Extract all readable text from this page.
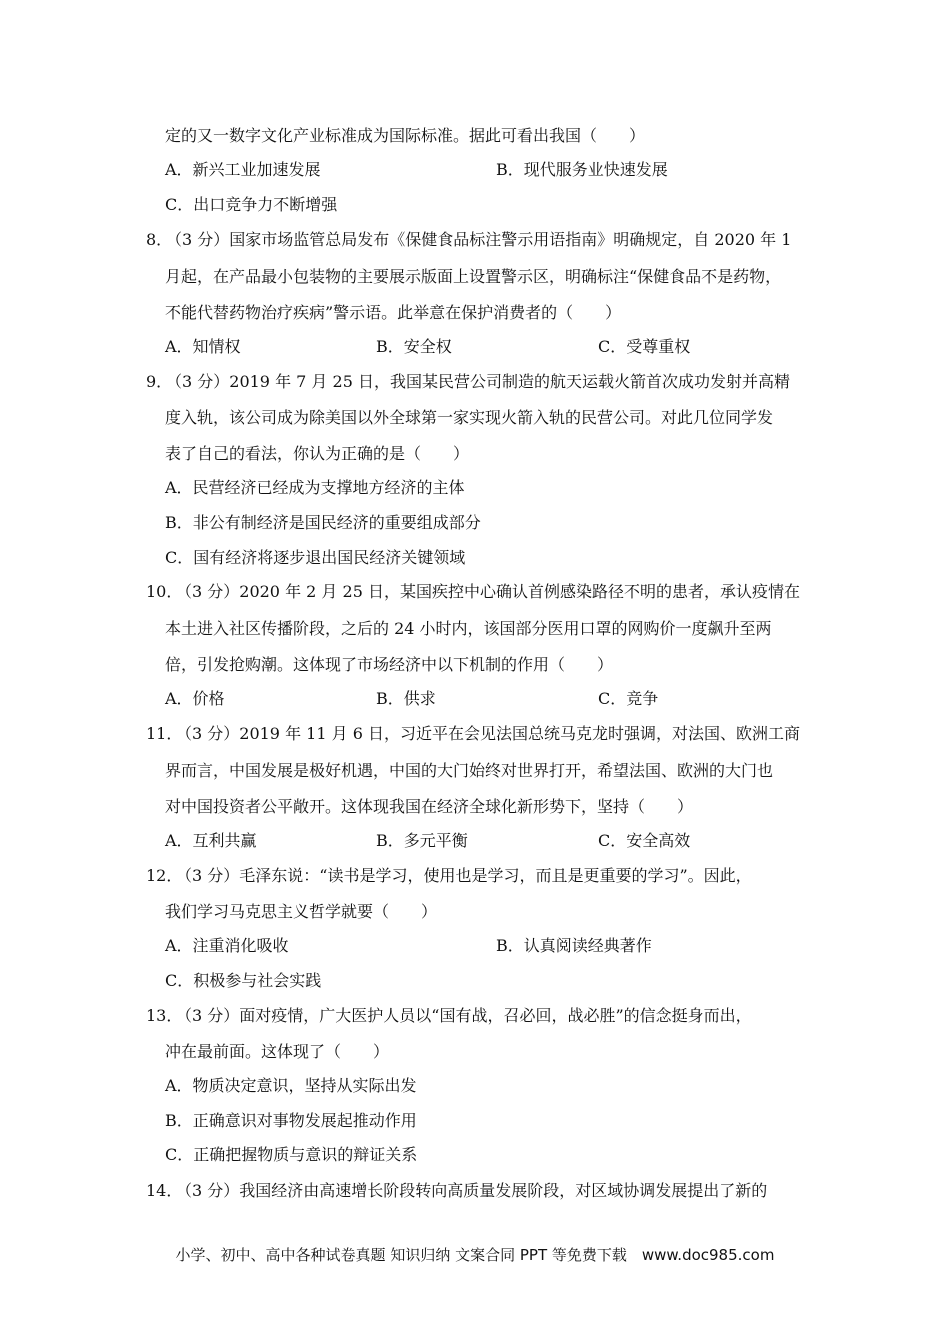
定的又一数字文化产业标准成为国际标准。据此可看出我国（　　）
A．新兴工业加速发展	B．现代服务业快速发展
C．出口竞争力不断增强
8．
（3 分）国家市场监管总局发布《保健食品标注警示用语指南》明确规定，自 2020 年 1
月起，在产品最小包装物的主要展示版面上设置警示区，明确标注“保健食品不是药物，
不能代替药物治疗疾病”警示语。此举意在保护消费者的（　　）
A．知情权	B．安全权	C．受尊重权
9．
（3 分）2019 年 7 月 25 日，我国某民营公司制造的航天运载火箭首次成功发射并高精
度入轨，该公司成为除美国以外全球第一家实现火箭入轨的民营公司。对此几位同学发
表了自己的看法，你认为正确的是（　　）
A．民营经济已经成为支撑地方经济的主体
B．非公有制经济是国民经济的重要组成部分
C．国有经济将逐步退出国民经济关键领域
10．
（3 分）2020 年 2 月 25 日，某国疾控中心确认首例感染路径不明的患者，承认疫情在
本土进入社区传播阶段，之后的 24 小时内，该国部分医用口罩的网购价一度飙升至两
倍，引发抢购潮。这体现了市场经济中以下机制的作用（　　）
A．价格	B．供求	C．竞争
11．
（3 分）2019 年 11 月 6 日，习近平在会见法国总统马克龙时强调，对法国、欧洲工商
界而言，中国发展是极好机遇，中国的大门始终对世界打开，希望法国、欧洲的大门也
对中国投资者公平敞开。这体现我国在经济全球化新形势下，坚持（　　）
A．互利共赢	B．多元平衡	C．安全高效
12．
（3 分）毛泽东说：“读书是学习，使用也是学习，而且是更重要的学习”。因此，
我们学习马克思主义哲学就要（　　）
A．注重消化吸收	B．认真阅读经典著作
C．积极参与社会实践
13．
（3 分）面对疫情，广大医护人员以“国有战，召必回，战必胜”的信念挺身而出，
冲在最前面。这体现了（　　）
A．物质决定意识，坚持从实际出发
B．正确意识对事物发展起推动作用
C．正确把握物质与意识的辩证关系
14．
（3 分）我国经济由高速增长阶段转向高质量发展阶段，对区域协调发展提出了新的
小学、初中、高中各种试卷真题 知识归纳 文案合同 PPT 等免费下载　www.doc985.com
